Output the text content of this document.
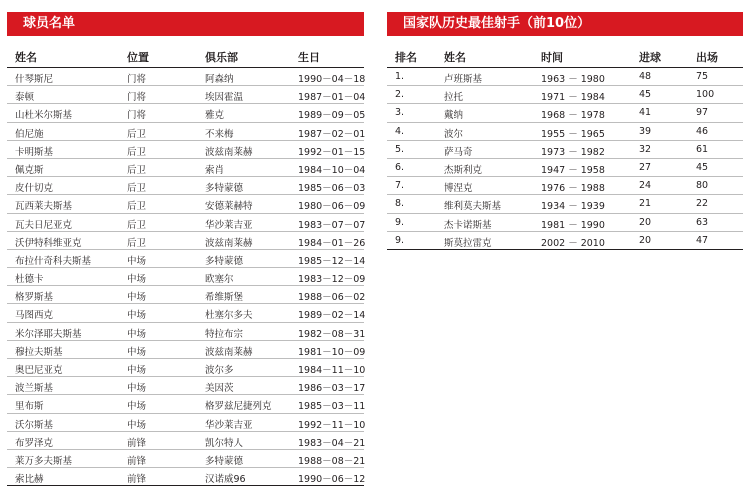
球员名单
姓名	位置	俱乐部	生日
什琴斯尼	门将	阿森纳	1990－04－18
泰顿	门将	埃因霍温	1987－01－04
山杜米尔斯基	门将	雅克	1989－09－05
伯尼施	后卫	不来梅	1987－02－01
卡明斯基	后卫	波兹南莱赫	1992－01－15
佩克斯	后卫	索肖	1984－10－04
皮什切克	后卫	多特蒙德	1985－06－03
瓦西莱夫斯基	后卫	安德莱赫特	1980－06－09
瓦夫日尼亚克	后卫	华沙莱吉亚	1983－07－07
沃伊特科维亚克	后卫	波兹南莱赫	1984－01－26
布拉什奇科夫斯基	中场	多特蒙德	1985－12－14
杜德卡	中场	欧塞尔	1983－12－09
格罗斯基	中场	希维斯堡	1988－06－02
马图西克	中场	杜塞尔多夫	1989－02－14
米尔泽耶夫斯基	中场	特拉布宗	1982－08－31
穆拉夫斯基	中场	波兹南莱赫	1981－10－09
奥巴尼亚克	中场	波尔多	1984－11－10
波兰斯基	中场	美因茨	1986－03－17
里布斯	中场	格罗兹尼捷列克	1985－03－11
沃尔斯基	中场	华沙莱吉亚	1992－11－10
布罗泽克	前锋	凯尔特人	1983－04－21
莱万多夫斯基	前锋	多特蒙德	1988－08－21
索比赫	前锋	汉诺威96	1990－06－12
国家队历史最佳射手（前10位）
排名 姓名	时间	进球	出场
1.	卢班斯基	1963 － 1980	48	75
2.	拉托	1971 － 1984	45	100
3.	戴纳	1968 － 1978	41	97
4.	波尔	1955 － 1965	39	46
5.	萨马奇	1973 － 1982	32	61
6.	杰斯利克	1947 － 1958	27	45
7.	博涅克	1976 － 1988	24	80
8.	维利莫夫斯基	1934 － 1939	21	22
9.	杰卡诺斯基	1981 － 1990	20	63
9.	斯莫拉雷克	2002 － 2010	20	47
